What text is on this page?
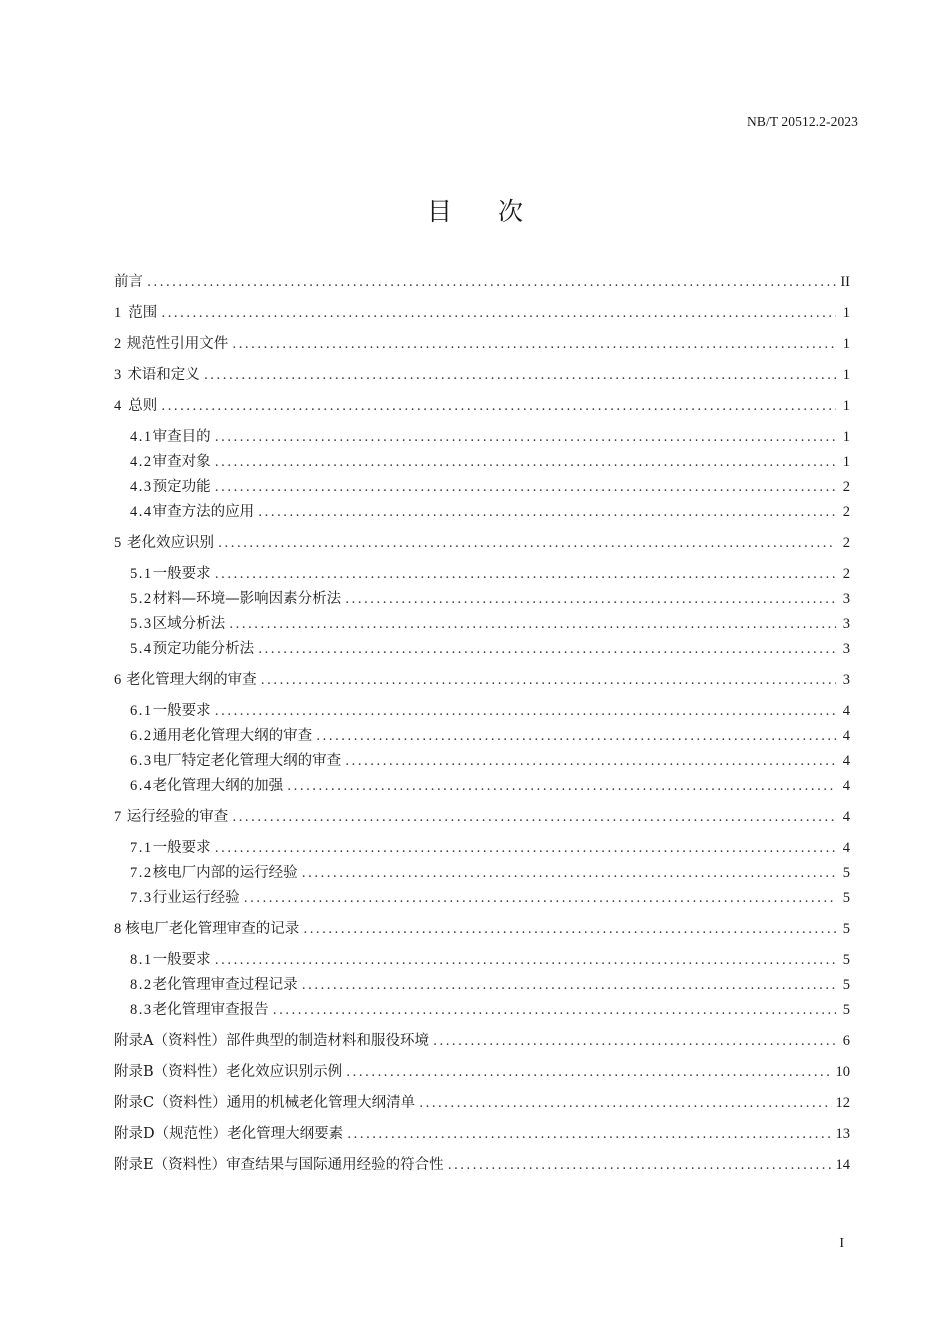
NB/T 20512.2-2023
目 次
前言 .....	II
1 范围 .....	1
2 规范性引用文件 .....	1
3 术语和定义 .....	1
4 总则 .....	1
4.1 审查目的 .....	1
4.2 审查对象 .....	1
4.3 预定功能 .....	2
4.4 审查方法的应用 .....	2
5 老化效应识别 .....	2
5.1 一般要求 .....	2
5.2 材料—环境—影响因素分析法 .....	3
5.3 区域分析法 .....	3
5.4 预定功能分析法 .....	3
6 老化管理大纲的审查 .....	3
6.1 一般要求 .....	4
6.2 通用老化管理大纲的审查 .....	4
6.3 电厂特定老化管理大纲的审查 .....	4
6.4 老化管理大纲的加强 .....	4
7 运行经验的审查 .....	4
7.1 一般要求 .....	4
7.2 核电厂内部的运行经验 .....	5
7.3 行业运行经验 .....	5
8 核电厂老化管理审查的记录 .....	5
8.1 一般要求 .....	5
8.2 老化管理审查过程记录 .....	5
8.3 老化管理审查报告 .....	5
附录A（资料性） 部件典型的制造材料和服役环境 .....	6
附录B（资料性） 老化效应识别示例 .....	10
附录C（资料性） 通用的机械老化管理大纲清单 .....	12
附录D（规范性） 老化管理大纲要素 .....	13
附录E（资料性） 审查结果与国际通用经验的符合性 .....	14
I
